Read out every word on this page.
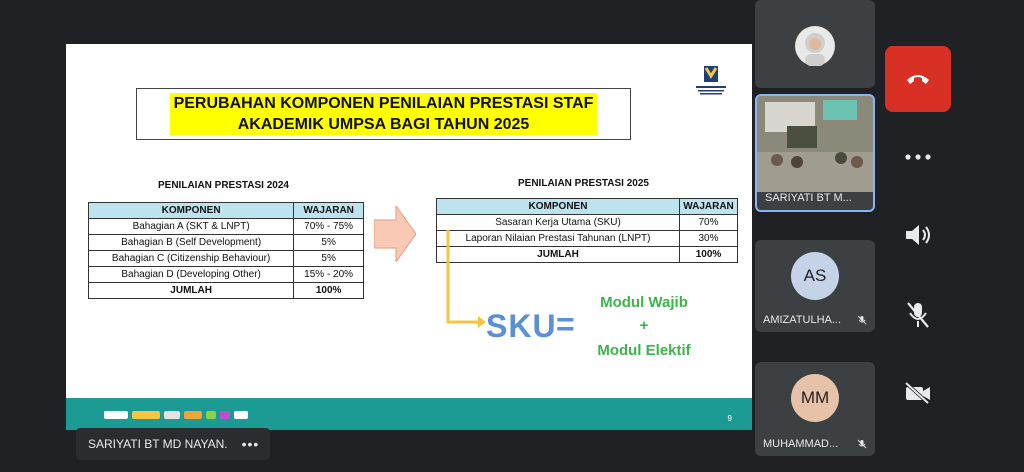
PERUBAHAN KOMPONEN PENILAIAN PRESTASI STAF
AKADEMIK UMPSA BAGI TAHUN 2025
PENILAIAN PRESTASI 2024
KOMPONEN	WAJARAN
Bahagian A (SKT & LNPT)	70% - 75%
Bahagian B (Self Development)	5%
Bahagian C (Citizenship Behaviour)	5%
Bahagian D (Developing Other)	15% - 20%
JUMLAH	100%
PENILAIAN PRESTASI 2025
KOMPONEN	WAJARAN
Sasaran Kerja Utama (SKU)	70%
Laporan Nilaian Prestasi Tahunan (LNPT)	30%
JUMLAH	100%
SKU =
Modul Wajib
+
Modul Elektif
9
SARIYATI BT MD NAYAN. •••
SARIYATI BT M...
AS
AMIZATULHA...
MM
MUHAMMAD...
